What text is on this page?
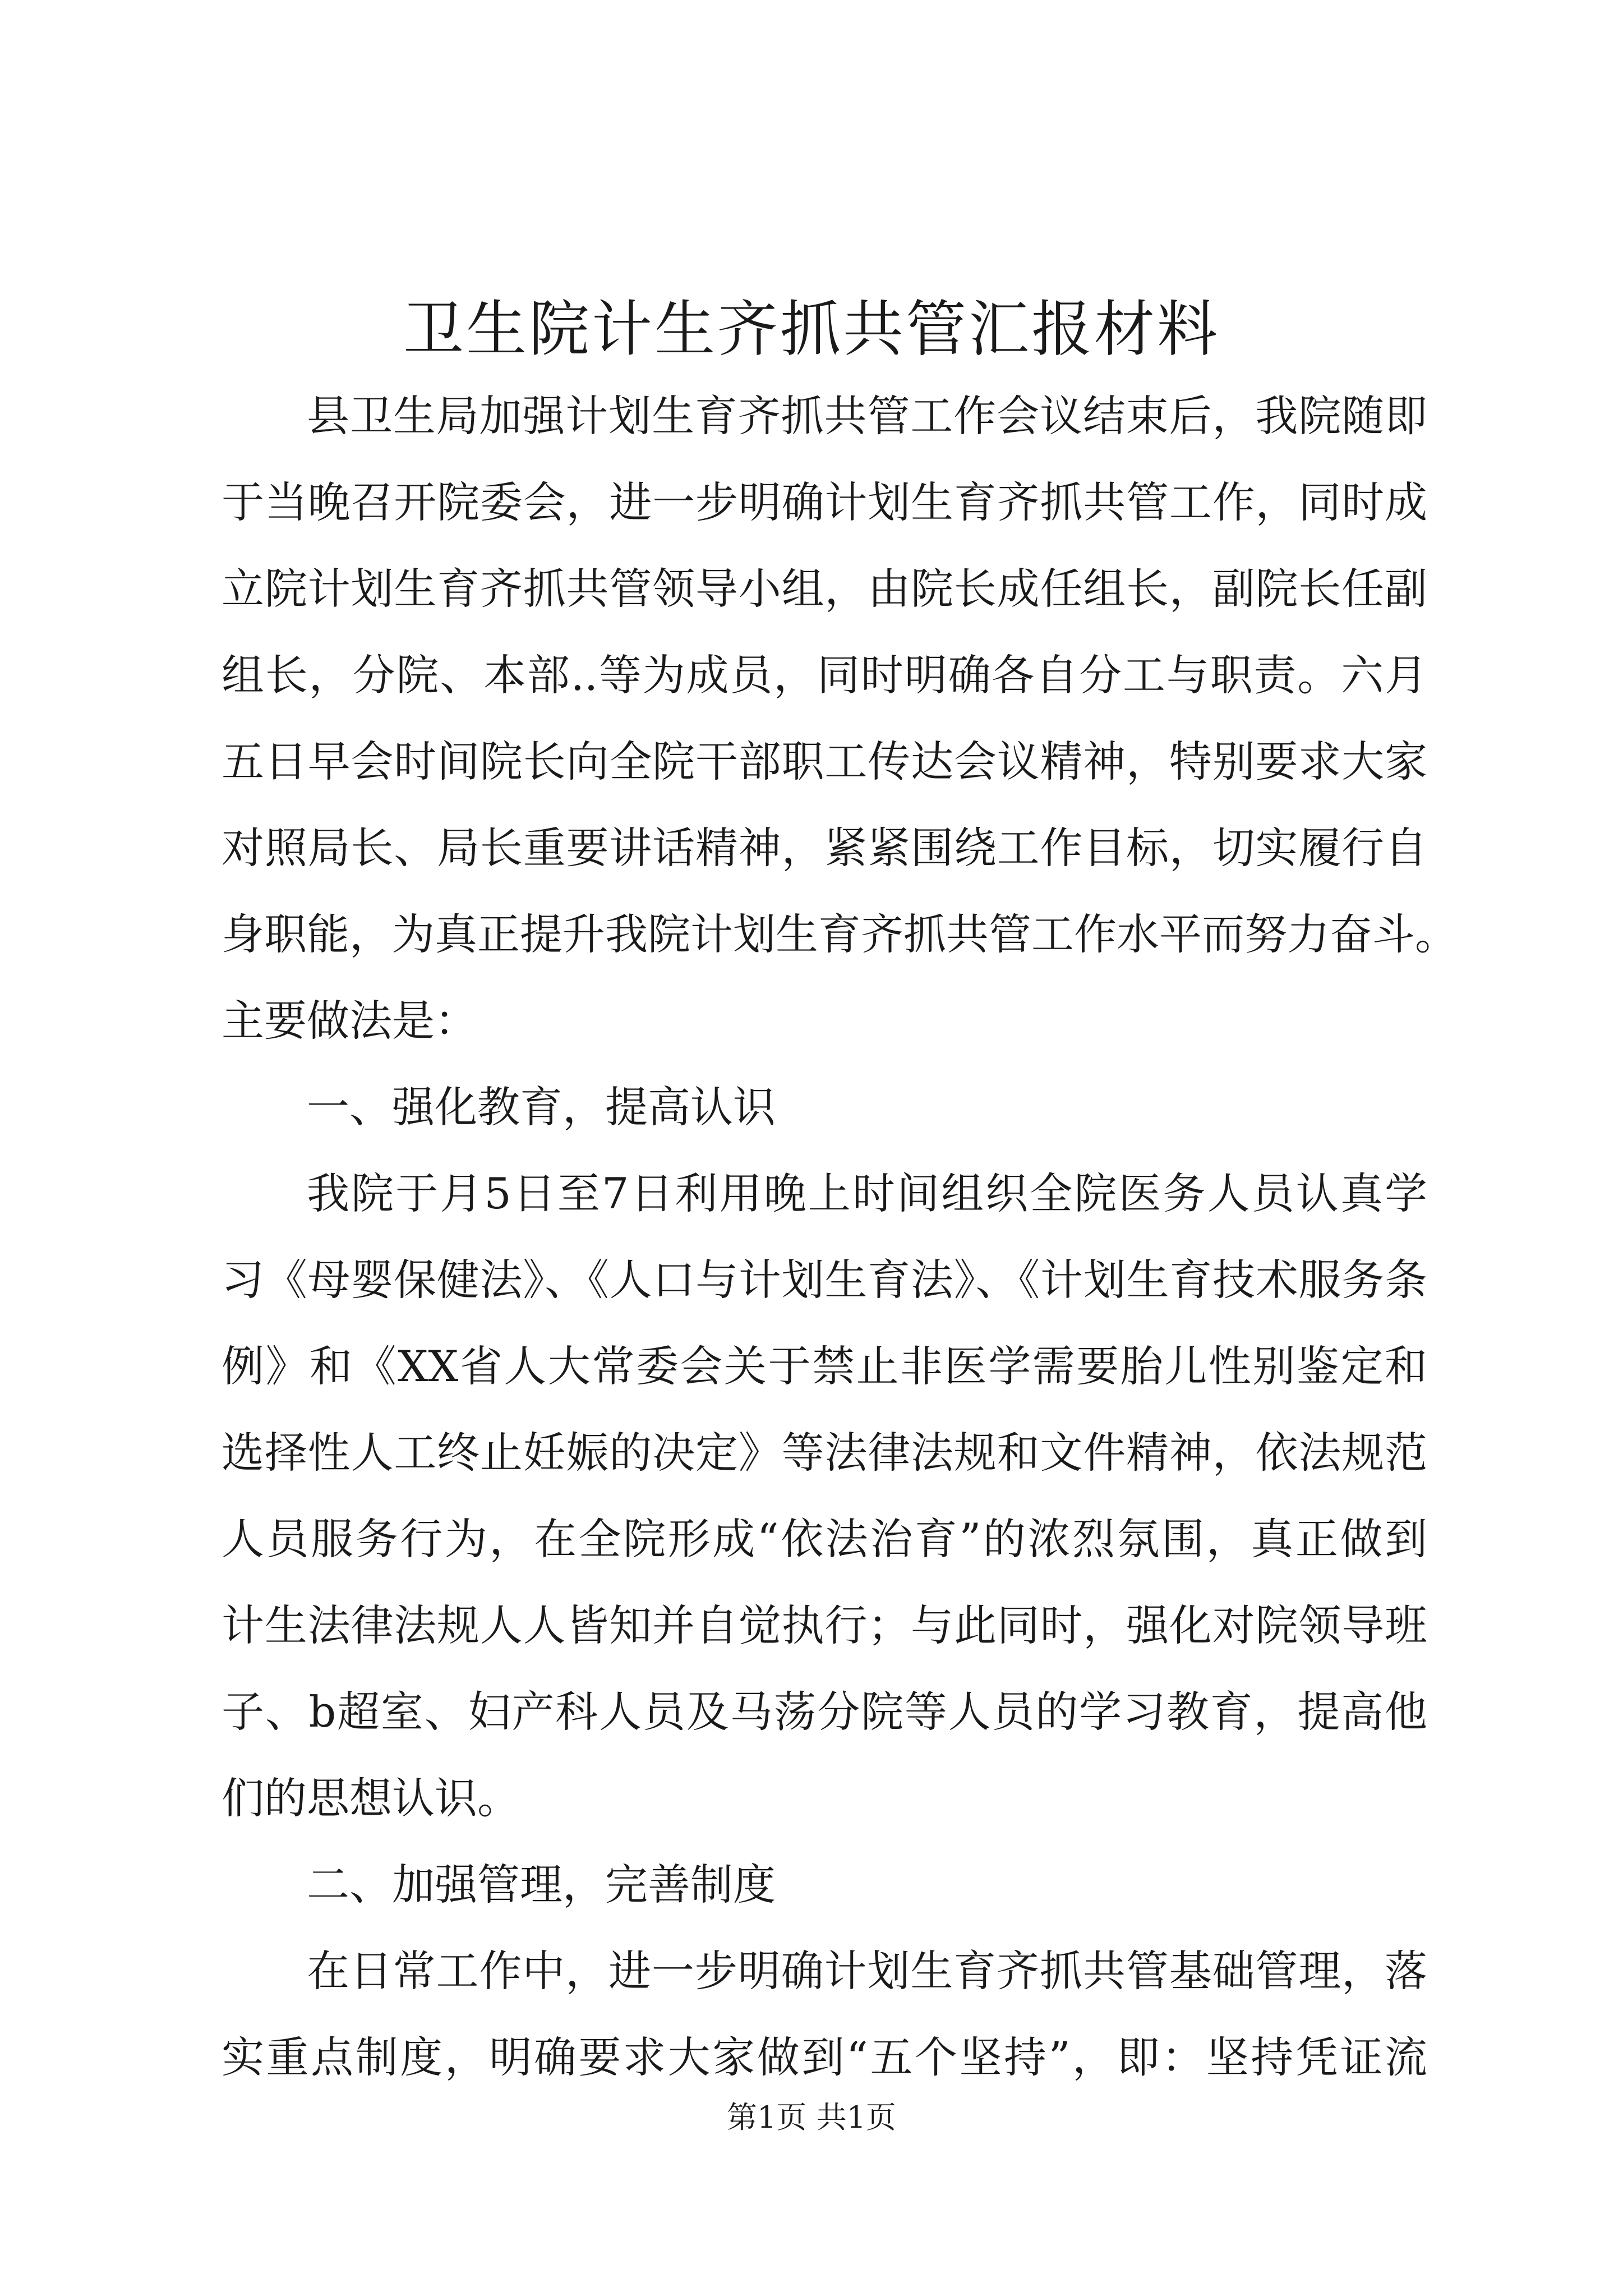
卫生院计生齐抓共管汇报材料
县卫生局加强计划生育齐抓共管工作会议结束后，我院随即
于当晚召开院委会，进一步明确计划生育齐抓共管工作，同时成
立院计划生育齐抓共管领导小组，由院长成任组长，副院长任副
组长，分院、本部..等为成员，同时明确各自分工与职责。六月
五日早会时间院长向全院干部职工传达会议精神，特别要求大家
对照局长、局长重要讲话精神，紧紧围绕工作目标，切实履行自
身职能，为真正提升我院计划生育齐抓共管工作水平而努力奋斗。
主要做法是：
一、强化教育，提高认识
我院于月5日至7日利用晚上时间组织全院医务人员认真学
习《母婴保健法》、《人口与计划生育法》、《计划生育技术服务条
例》和《XX省人大常委会关于禁止非医学需要胎儿性别鉴定和
选择性人工终止妊娠的决定》等法律法规和文件精神，依法规范
人员服务行为，在全院形成“依法治育”的浓烈氛围，真正做到
计生法律法规人人皆知并自觉执行；与此同时，强化对院领导班
子、b超室、妇产科人员及马荡分院等人员的学习教育，提高他
们的思想认识。
二、加强管理，完善制度
在日常工作中，进一步明确计划生育齐抓共管基础管理，落
实重点制度，明确要求大家做到“五个坚持”，即：坚持凭证流
第1页 共1页
